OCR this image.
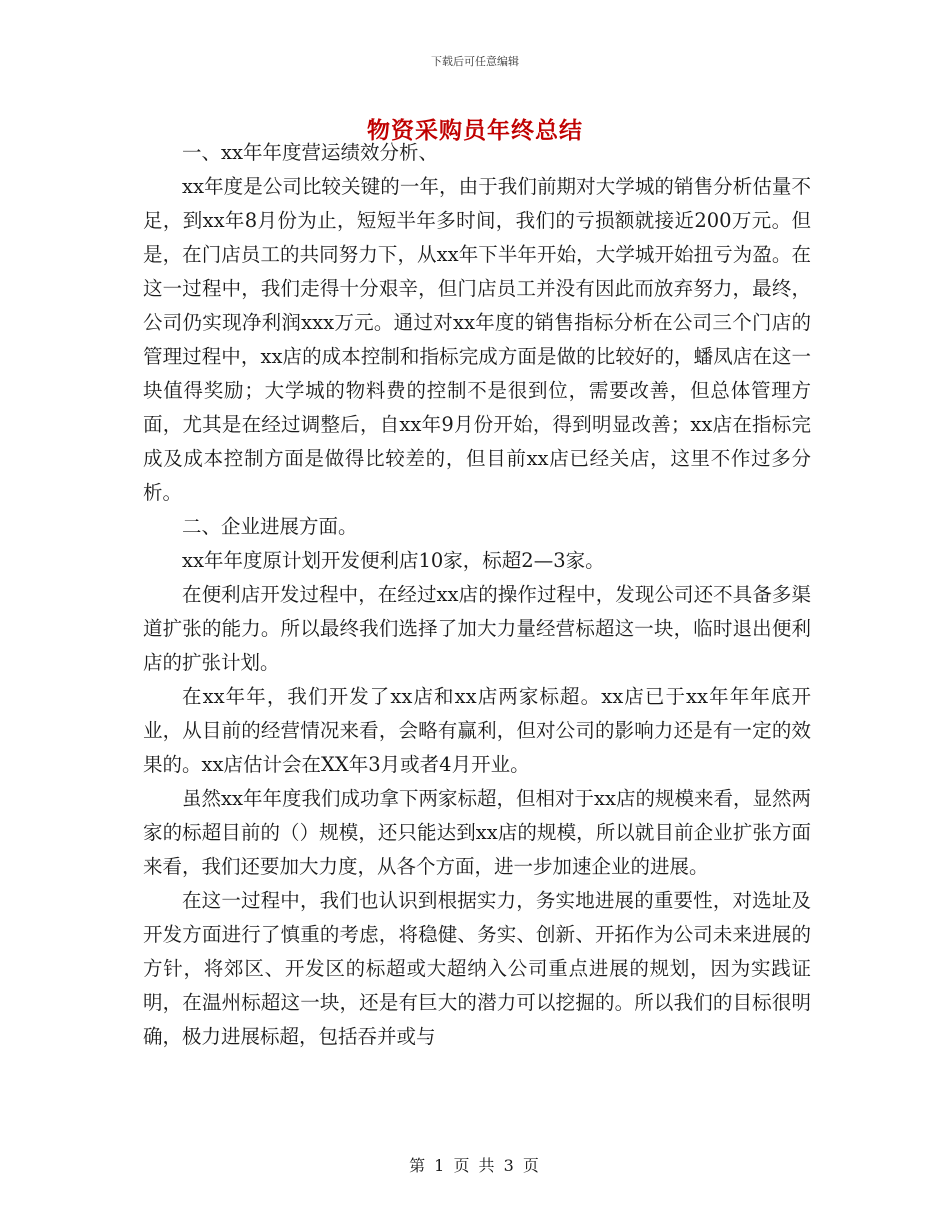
下载后可任意编辑
物资采购员年终总结

一、xx年年度营运绩效分析、

xx年度是公司比较关键的一年，由于我们前期对大学城的销售分析估量不足，到xx年8月份为止，短短半年多时间，我们的亏损额就接近200万元。但是，在门店员工的共同努力下，从xx年下半年开始，大学城开始扭亏为盈。在这一过程中，我们走得十分艰辛，但门店员工并没有因此而放弃努力，最终，公司仍实现净利润xxx万元。通过对xx年度的销售指标分析在公司三个门店的管理过程中，xx店的成本控制和指标完成方面是做的比较好的，蟠凤店在这一块值得奖励；大学城的物料费的控制不是很到位，需要改善，但总体管理方面，尤其是在经过调整后，自xx年9月份开始，得到明显改善；xx店在指标完成及成本控制方面是做得比较差的，但目前xx店已经关店，这里不作过多分析。

二、企业进展方面。

xx年年度原计划开发便利店10家，标超2—3家。

在便利店开发过程中，在经过xx店的操作过程中，发现公司还不具备多渠道扩张的能力。所以最终我们选择了加大力量经营标超这一块，临时退出便利店的扩张计划。

在xx年年，我们开发了xx店和xx店两家标超。xx店已于xx年年年底开业，从目前的经营情况来看，会略有赢利，但对公司的影响力还是有一定的效果的。xx店估计会在XX年3月或者4月开业。

虽然xx年年度我们成功拿下两家标超，但相对于xx店的规模来看，显然两家的标超目前的（）规模，还只能达到xx店的规模，所以就目前企业扩张方面来看，我们还要加大力度，从各个方面，进一步加速企业的进展。

在这一过程中，我们也认识到根据实力，务实地进展的重要性，对选址及开发方面进行了慎重的考虑，将稳健、务实、创新、开拓作为公司未来进展的方针，将郊区、开发区的标超或大超纳入公司重点进展的规划，因为实践证明，在温州标超这一块，还是有巨大的潜力可以挖掘的。所以我们的目标很明确，极力进展标超，包括吞并或与

第 1 页 共 3 页
